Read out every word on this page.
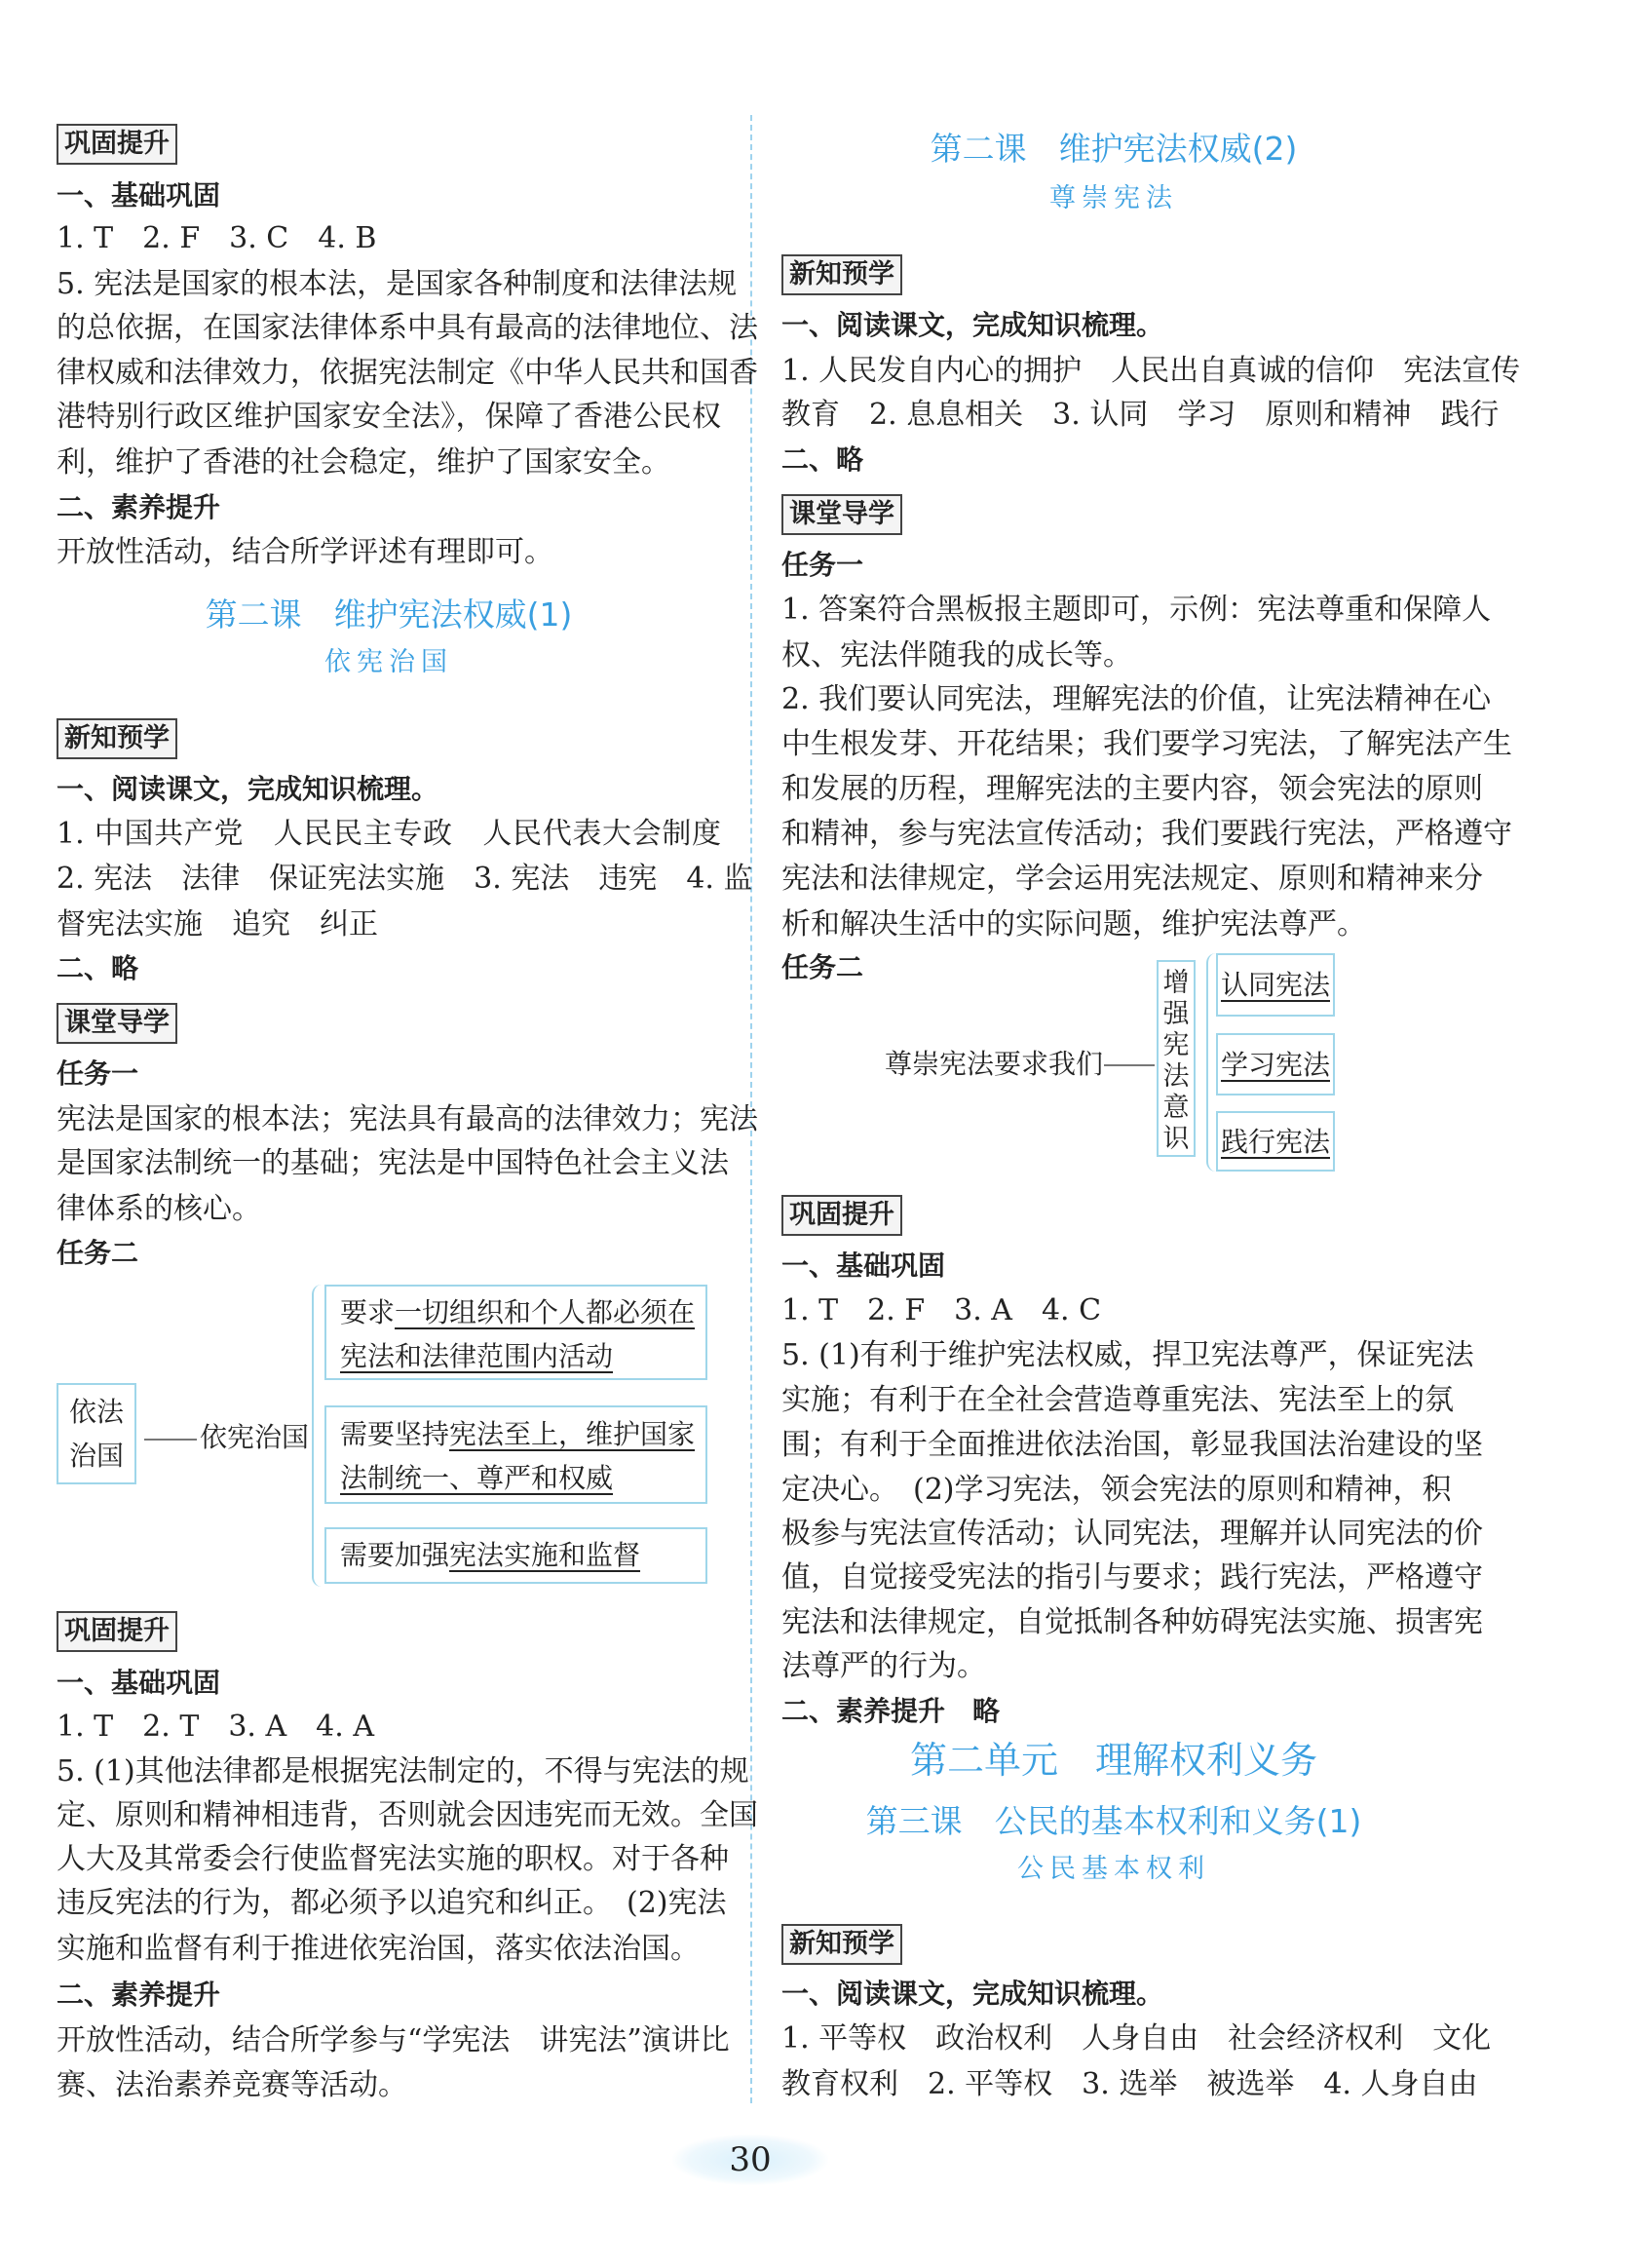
巩固提升
一、基础巩固
1. T　2. F　3. C　4. B
5. 宪法是国家的根本法，是国家各种制度和法律法规
的总依据，在国家法律体系中具有最高的法律地位、法
律权威和法律效力，依据宪法制定《中华人民共和国香
港特别行政区维护国家安全法》，保障了香港公民权
利，维护了香港的社会稳定，维护了国家安全。
二、素养提升
开放性活动，结合所学评述有理即可。
第二课　维护宪法权威(1)
依宪治国
新知预学
一、阅读课文，完成知识梳理。
1. 中国共产党　人民民主专政　人民代表大会制度
2. 宪法　法律　保证宪法实施　3. 宪法　违宪　4. 监
督宪法实施　追究　纠正
二、略
课堂导学
任务一
宪法是国家的根本法；宪法具有最高的法律效力；宪法
是国家法制统一的基础；宪法是中国特色社会主义法
律体系的核心。
任务二
依法
治国
依宪治国
要求一切组织和个人都必须在
宪法和法律范围内活动
需要坚持宪法至上，维护国家
法制统一、尊严和权威
需要加强宪法实施和监督
巩固提升
一、基础巩固
1. T　2. T　3. A　4. A
5. (1)其他法律都是根据宪法制定的，不得与宪法的规
定、原则和精神相违背，否则就会因违宪而无效。全国
人大及其常委会行使监督宪法实施的职权。对于各种
违反宪法的行为，都必须予以追究和纠正。　(2)宪法
实施和监督有利于推进依宪治国，落实依法治国。
二、素养提升
开放性活动，结合所学参与“学宪法　讲宪法”演讲比
赛、法治素养竞赛等活动。
第二课　维护宪法权威(2)
尊崇宪法
新知预学
一、阅读课文，完成知识梳理。
1. 人民发自内心的拥护　人民出自真诚的信仰　宪法宣传
教育　2. 息息相关　3. 认同　学习　原则和精神　践行
二、略
课堂导学
任务一
1. 答案符合黑板报主题即可，示例：宪法尊重和保障人
权、宪法伴随我的成长等。
2. 我们要认同宪法，理解宪法的价值，让宪法精神在心
中生根发芽、开花结果；我们要学习宪法，了解宪法产生
和发展的历程，理解宪法的主要内容，领会宪法的原则
和精神，参与宪法宣传活动；我们要践行宪法，严格遵守
宪法和法律规定，学会运用宪法规定、原则和精神来分
析和解决生活中的实际问题，维护宪法尊严。
任务二
尊崇宪法要求我们
增
强
宪
法
意
识
认同宪法
学习宪法
践行宪法
巩固提升
一、基础巩固
1. T　2. F　3. A　4. C
5. (1)有利于维护宪法权威，捍卫宪法尊严，保证宪法
实施；有利于在全社会营造尊重宪法、宪法至上的氛
围；有利于全面推进依法治国，彰显我国法治建设的坚
定决心。　(2)学习宪法，领会宪法的原则和精神，积
极参与宪法宣传活动；认同宪法，理解并认同宪法的价
值，自觉接受宪法的指引与要求；践行宪法，严格遵守
宪法和法律规定，自觉抵制各种妨碍宪法实施、损害宪
法尊严的行为。
二、素养提升　略
第二单元　理解权利义务
第三课　公民的基本权利和义务(1)
公民基本权利
新知预学
一、阅读课文，完成知识梳理。
1. 平等权　政治权利　人身自由　社会经济权利　文化
教育权利　2. 平等权　3. 选举　被选举　4. 人身自由
30
